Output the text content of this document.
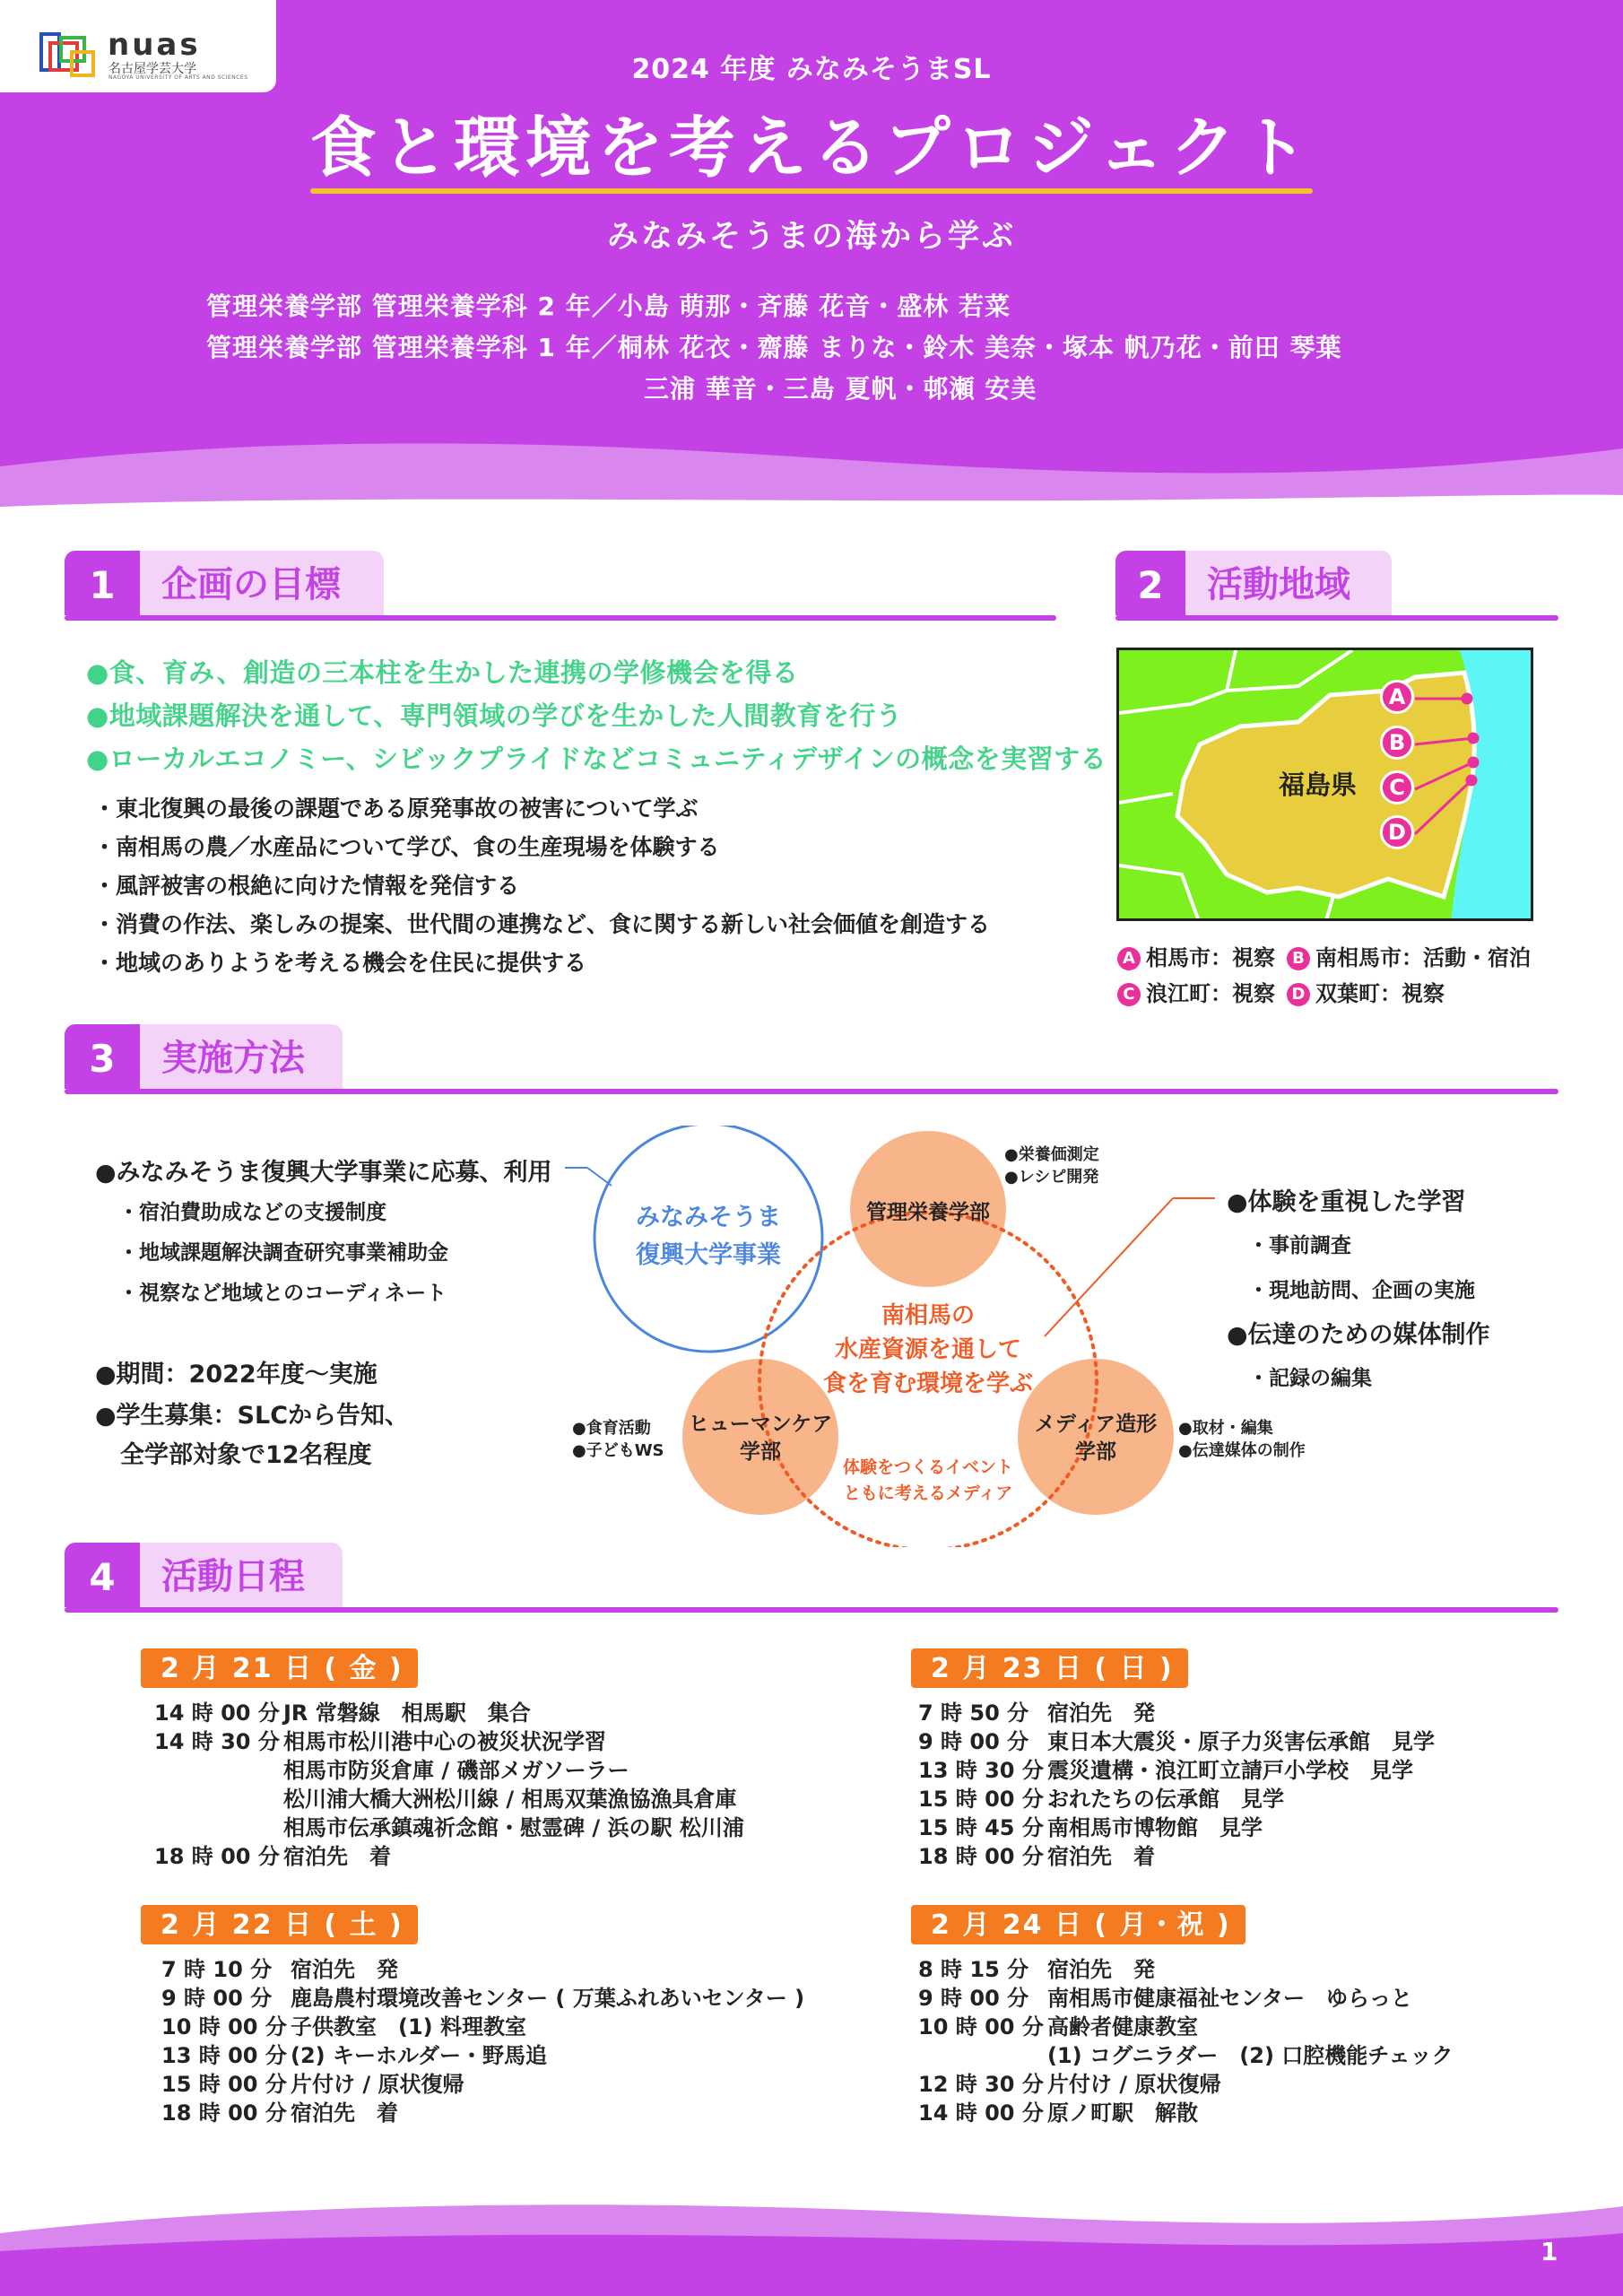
nuas
名古屋学芸大学
NAGOYA UNIVERSITY OF ARTS AND SCIENCES	2024 年度 みなみそうまSL
食と環境を考えるプロジェクト
みなみそうまの海から学ぶ
管理栄養学部 管理栄養学科 2 年／小島 萌那・斉藤 花音・盛林 若菜
管理栄養学部 管理栄養学科 1 年／桐林 花衣・齋藤 まりな・鈴木 美奈・塚本 帆乃花・前田 琴葉
三浦 華音・三島 夏帆・邨瀬 安美
1	企画の目標
●食、育み、創造の三本柱を生かした連携の学修機会を得る
●地域課題解決を通して、専門領域の学びを生かした人間教育を行う
●ローカルエコノミー、シビックプライドなどコミュニティデザインの概念を実習する
・東北復興の最後の課題である原発事故の被害について学ぶ
・南相馬の農／水産品について学び、食の生産現場を体験する
・風評被害の根絶に向けた情報を発信する
・消費の作法、楽しみの提案、世代間の連携など、食に関する新しい社会価値を創造する
・地域のありようを考える機会を住民に提供する
2	活動地域
A
B
C
D
福島県
A 相馬市：視察	B 南相馬市：活動・宿泊
C 浪江町：視察	D 双葉町：視察
3	実施方法
●みなみそうま復興大学事業に応募、利用
・宿泊費助成などの支援制度
・地域課題解決調査研究事業補助金
・視察など地域とのコーディネート
●期間：2022年度〜実施
●学生募集：SLCから告知、
全学部対象で12名程度
みなみそうま
復興大学事業
管理栄養学部
ヒューマンケア
学部
メディア造形
学部
南相馬の
水産資源を通して
食を育む環境を学ぶ
体験をつくるイベント
ともに考えるメディア
●栄養価測定
●レシピ開発
●食育活動
●子どもWS
●取材・編集
●伝達媒体の制作
●体験を重視した学習
・事前調査
・現地訪問、企画の実施
●伝達のための媒体制作
・記録の編集
4	活動日程
2 月 21 日 ( 金 )
14 時 00 分 JR 常磐線　相馬駅　集合
14 時 30 分 相馬市松川港中心の被災状況学習
相馬市防災倉庫 / 磯部メガソーラー
松川浦大橋大洲松川線 / 相馬双葉漁協漁具倉庫
相馬市伝承鎮魂祈念館・慰霊碑 / 浜の駅 松川浦
18 時 00 分 宿泊先　着
2 月 22 日 ( 土 )
7 時 10 分 宿泊先　発
9 時 00 分 鹿島農村環境改善センター ( 万葉ふれあいセンター )
10 時 00 分 子供教室　(1) 料理教室
13 時 00 分 (2) キーホルダー・野馬追
15 時 00 分 片付け / 原状復帰
18 時 00 分 宿泊先　着
2 月 23 日 ( 日 )
7 時 50 分 宿泊先　発
9 時 00 分 東日本大震災・原子力災害伝承館　見学
13 時 30 分 震災遺構・浪江町立請戸小学校　見学
15 時 00 分 おれたちの伝承館　見学
15 時 45 分 南相馬市博物館　見学
18 時 00 分 宿泊先　着
2 月 24 日 ( 月・祝 )
8 時 15 分 宿泊先　発
9 時 00 分 南相馬市健康福祉センター　ゆらっと
10 時 00 分 高齢者健康教室
(1) コグニラダー　(2) 口腔機能チェック
12 時 30 分 片付け / 原状復帰
14 時 00 分 原ノ町駅　解散
1
